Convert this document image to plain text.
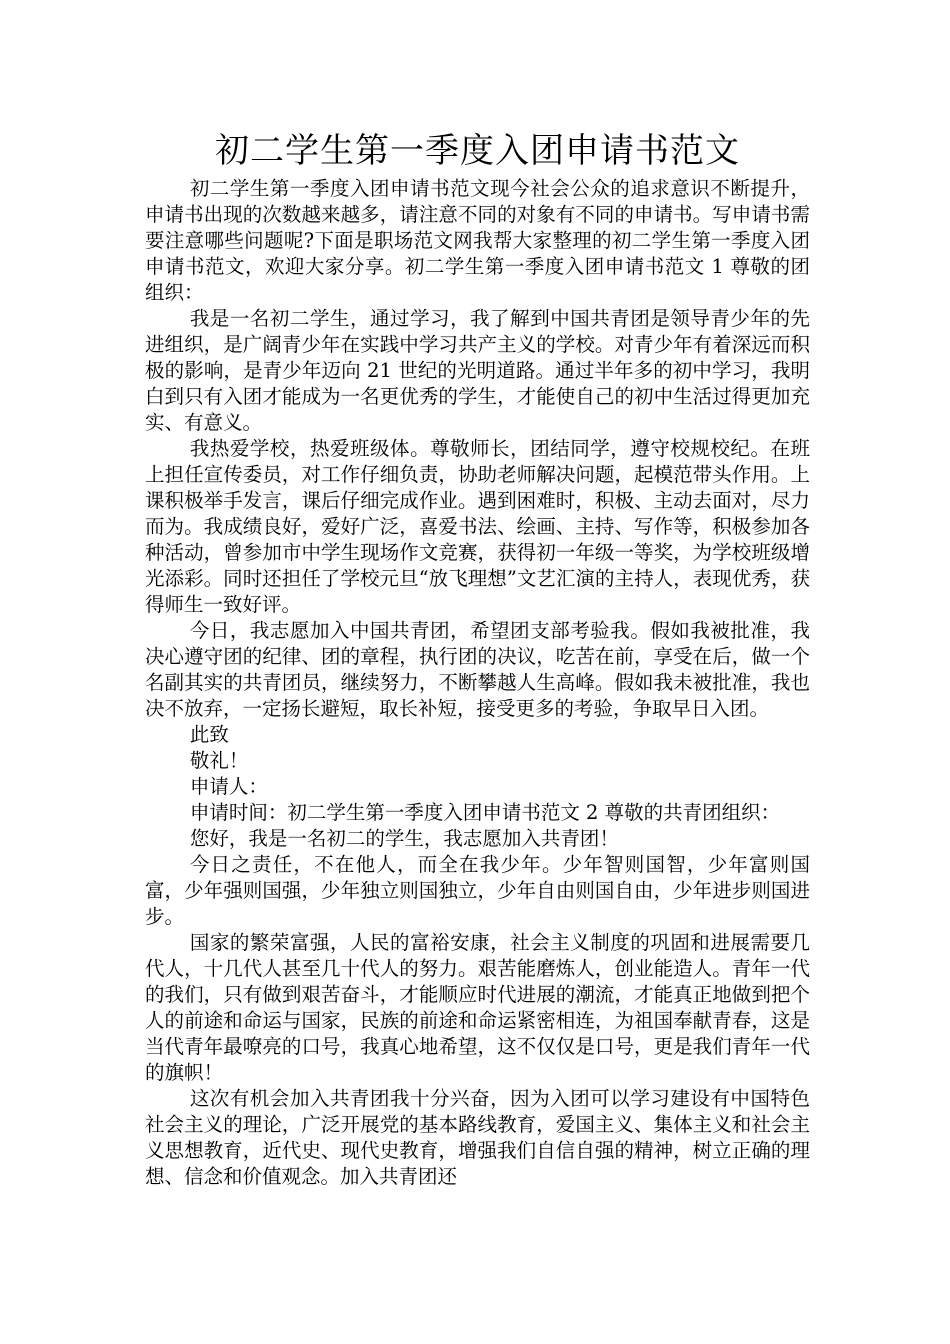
初二学生第一季度入团申请书范文

初二学生第一季度入团申请书范文现今社会公众的追求意识不断提升，申请书出现的次数越来越多，请注意不同的对象有不同的申请书。写申请书需要注意哪些问题呢?下面是职场范文网我帮大家整理的初二学生第一季度入团申请书范文，欢迎大家分享。初二学生第一季度入团申请书范文 1 尊敬的团组织：

我是一名初二学生，通过学习，我了解到中国共青团是领导青少年的先进组织，是广阔青少年在实践中学习共产主义的学校。对青少年有着深远而积极的影响，是青少年迈向 21 世纪的光明道路。通过半年多的初中学习，我明白到只有入团才能成为一名更优秀的学生，才能使自己的初中生活过得更加充实、有意义。

我热爱学校，热爱班级体。尊敬师长，团结同学，遵守校规校纪。在班上担任宣传委员，对工作仔细负责，协助老师解决问题，起模范带头作用。上课积极举手发言，课后仔细完成作业。遇到困难时，积极、主动去面对，尽力而为。我成绩良好，爱好广泛，喜爱书法、绘画、主持、写作等，积极参加各种活动，曾参加市中学生现场作文竞赛，获得初一年级一等奖，为学校班级增光添彩。同时还担任了学校元旦“放飞理想”文艺汇演的主持人，表现优秀，获得师生一致好评。

今日，我志愿加入中国共青团，希望团支部考验我。假如我被批准，我决心遵守团的纪律、团的章程，执行团的决议，吃苦在前，享受在后，做一个名副其实的共青团员，继续努力，不断攀越人生高峰。假如我未被批准，我也决不放弃，一定扬长避短，取长补短，接受更多的考验，争取早日入团。

此致

敬礼！

申请人：

申请时间：初二学生第一季度入团申请书范文 2 尊敬的共青团组织：

您好，我是一名初二的学生，我志愿加入共青团！

今日之责任，不在他人，而全在我少年。少年智则国智，少年富则国富，少年强则国强，少年独立则国独立，少年自由则国自由，少年进步则国进步。

国家的繁荣富强，人民的富裕安康，社会主义制度的巩固和进展需要几代人，十几代人甚至几十代人的努力。艰苦能磨炼人，创业能造人。青年一代的我们，只有做到艰苦奋斗，才能顺应时代进展的潮流，才能真正地做到把个人的前途和命运与国家，民族的前途和命运紧密相连，为祖国奉献青春，这是当代青年最嘹亮的口号，我真心地希望，这不仅仅是口号，更是我们青年一代的旗帜！

这次有机会加入共青团我十分兴奋，因为入团可以学习建设有中国特色社会主义的理论，广泛开展党的基本路线教育，爱国主义、集体主义和社会主义思想教育，近代史、现代史教育，增强我们自信自强的精神，树立正确的理想、信念和价值观念。加入共青团还
